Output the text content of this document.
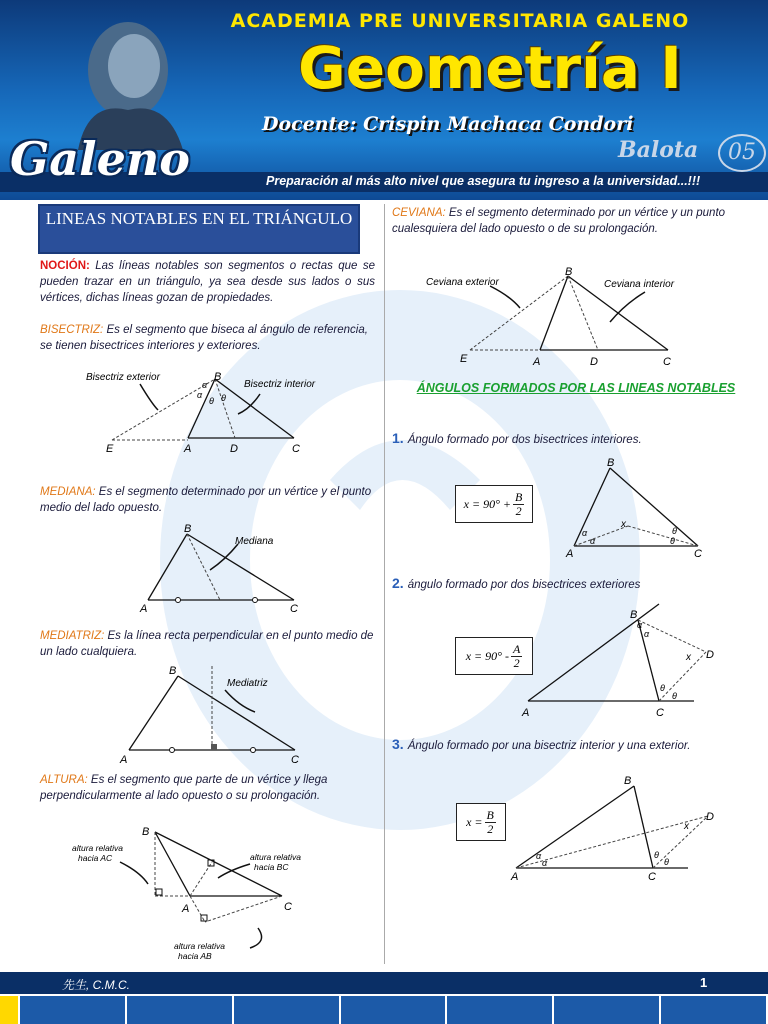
ACADEMIA PRE UNIVERSITARIA GALENO
Geometría I
Docente: Crispin Machaca Condori
Balota	05
Galeno	Preparación al más alto nivel que asegura tu ingreso a la universidad...!!!
LINEAS NOTABLES EN EL TRIÁNGULO
NOCIÓN: Las líneas notables son segmentos o rectas que se pueden trazar en un triángulo, ya sea desde sus lados o sus vértices, dichas líneas gozan de propiedades.
BISECTRIZ: Es el segmento que biseca al ángulo de referencia, se tienen bisectrices interiores y exteriores.
Bisectriz exterior
Bisectriz interior
B
E	A	D	C
α
α
θ θ
MEDIANA: Es el segmento determinado por un vértice y el punto medio del lado opuesto.
Mediana
B
A	C
MEDIATRIZ: Es la línea recta perpendicular en el punto medio de un lado cualquiera.
Mediatriz
B
A	C
ALTURA: Es el segmento que parte de un vértice y llega perpendicularmente al lado opuesto o su prolongación.
altura relativa
hacia AC	altura relativa
hacia BC
altura relativa
hacia AB
B
A	C
CEVIANA: Es el segmento determinado por un vértice y un punto cualesquiera del lado opuesto o de su prolongación.
Ceviana exterior	Ceviana interior
B
E	A	D	C
ÁNGULOS FORMADOS POR LAS LINEAS NOTABLES
1. Ángulo formado por dos bisectrices interiores.
$x = 90^\circ + \frac{B}{2}$
B
A	C
x
α
α
θ
θ
2. ángulo formado por dos bisectrices exteriores
$x = 90^\circ - \frac{A}{2}$
B
A	C
D
x
α
α
θ
θ
3. Ángulo formado por una bisectriz interior y una exterior.
$x = \frac{B}{2}$
B
A	C
D
x
α
α
θ
θ
先生, C.M.C.	1
